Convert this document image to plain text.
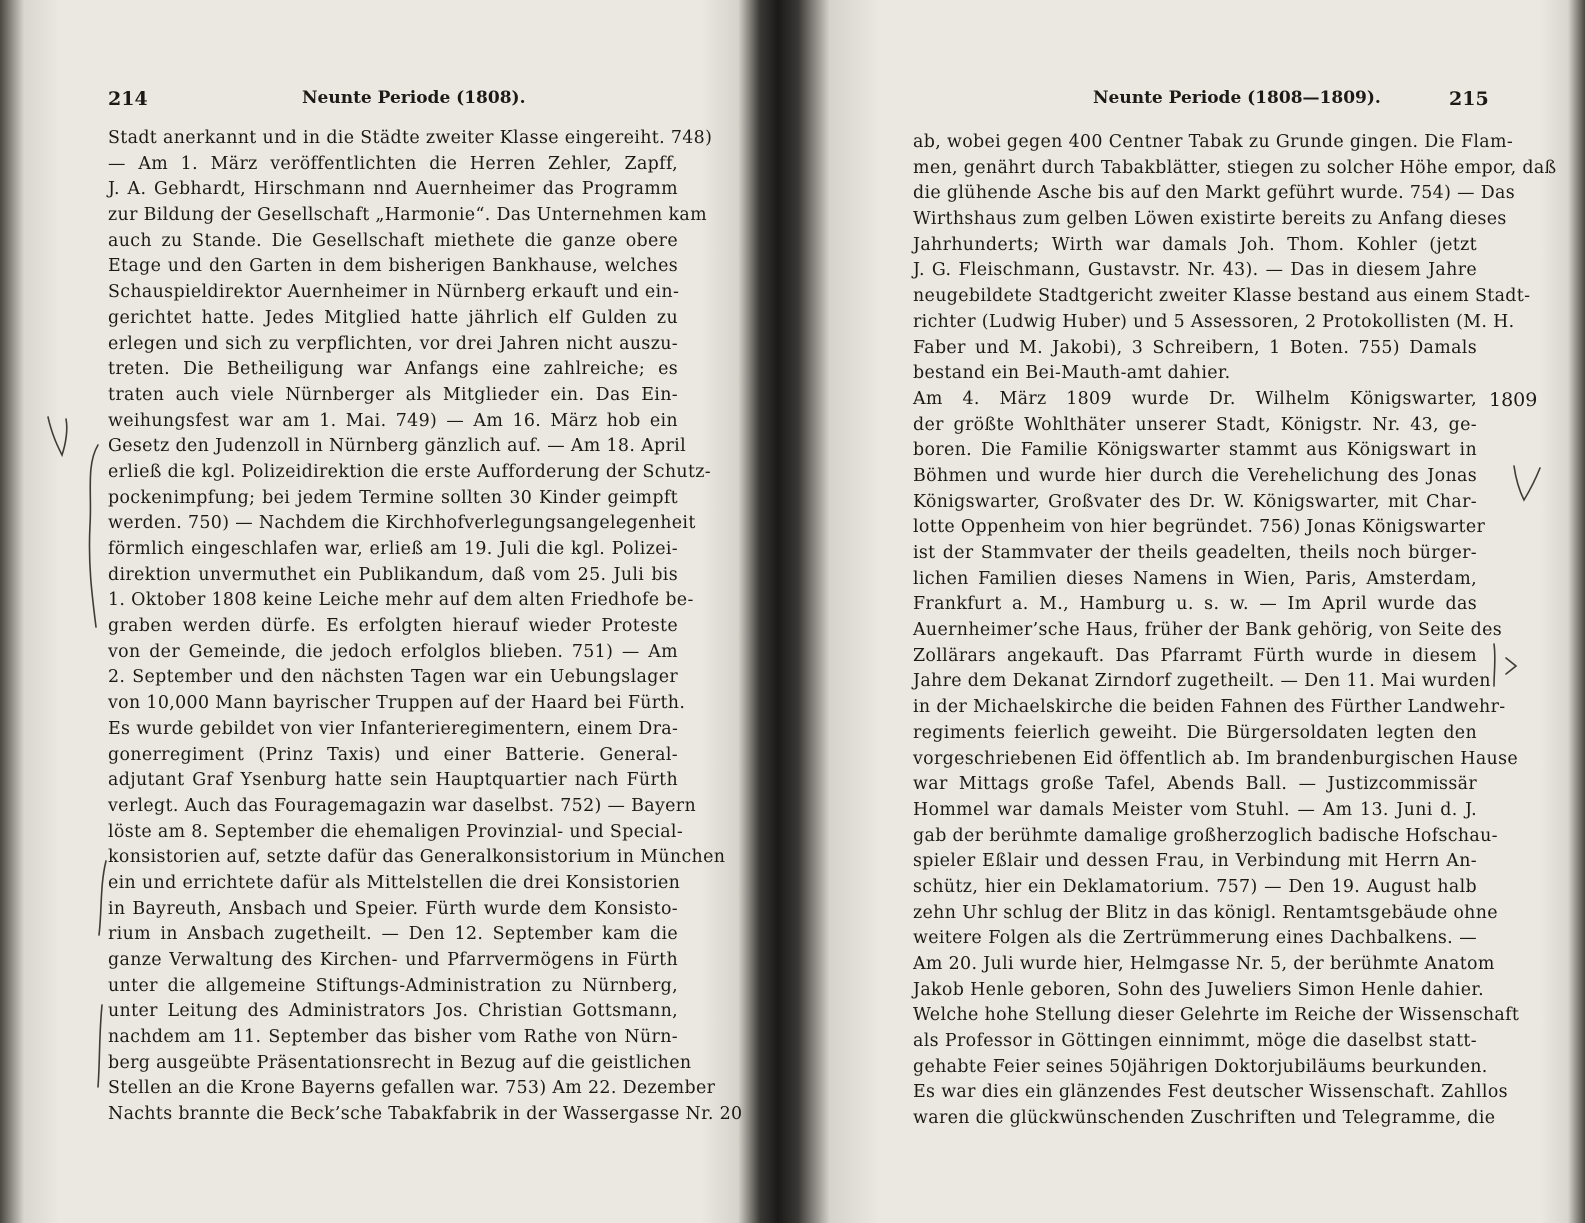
214	Neunte Periode (1808).
Stadt anerkannt und in die Städte zweiter Klasse eingereiht. 748)
— Am 1. März veröffentlichten die Herren Zehler, Zapff,
J. A. Gebhardt, Hirschmann nnd Auernheimer das Programm
zur Bildung der Gesellschaft „Harmonie“. Das Unternehmen kam
auch zu Stande. Die Gesellschaft miethete die ganze obere
Etage und den Garten in dem bisherigen Bankhause, welches
Schauspieldirektor Auernheimer in Nürnberg erkauft und ein-
gerichtet hatte. Jedes Mitglied hatte jährlich elf Gulden zu
erlegen und sich zu verpflichten, vor drei Jahren nicht auszu-
treten. Die Betheiligung war Anfangs eine zahlreiche; es
traten auch viele Nürnberger als Mitglieder ein. Das Ein-
weihungsfest war am 1. Mai. 749) — Am 16. März hob ein
Gesetz den Judenzoll in Nürnberg gänzlich auf. — Am 18. April
erließ die kgl. Polizeidirektion die erste Aufforderung der Schutz-
pockenimpfung; bei jedem Termine sollten 30 Kinder geimpft
werden. 750) — Nachdem die Kirchhofverlegungsangelegenheit
förmlich eingeschlafen war, erließ am 19. Juli die kgl. Polizei-
direktion unvermuthet ein Publikandum, daß vom 25. Juli bis
1. Oktober 1808 keine Leiche mehr auf dem alten Friedhofe be-
graben werden dürfe. Es erfolgten hierauf wieder Proteste
von der Gemeinde, die jedoch erfolglos blieben. 751) — Am
2. September und den nächsten Tagen war ein Uebungslager
von 10,000 Mann bayrischer Truppen auf der Haard bei Fürth.
Es wurde gebildet von vier Infanterieregimentern, einem Dra-
gonerregiment (Prinz Taxis) und einer Batterie. General-
adjutant Graf Ysenburg hatte sein Hauptquartier nach Fürth
verlegt. Auch das Fouragemagazin war daselbst. 752) — Bayern
löste am 8. September die ehemaligen Provinzial- und Special-
konsistorien auf, setzte dafür das Generalkonsistorium in München
ein und errichtete dafür als Mittelstellen die drei Konsistorien
in Bayreuth, Ansbach und Speier. Fürth wurde dem Konsisto-
rium in Ansbach zugetheilt. — Den 12. September kam die
ganze Verwaltung des Kirchen- und Pfarrvermögens in Fürth
unter die allgemeine Stiftungs-Administration zu Nürnberg,
unter Leitung des Administrators Jos. Christian Gottsmann,
nachdem am 11. September das bisher vom Rathe von Nürn-
berg ausgeübte Präsentationsrecht in Bezug auf die geistlichen
Stellen an die Krone Bayerns gefallen war. 753) Am 22. Dezember
Nachts brannte die Beck’sche Tabakfabrik in der Wassergasse Nr. 20
Neunte Periode (1808—1809).	215
ab, wobei gegen 400 Centner Tabak zu Grunde gingen. Die Flam-
men, genährt durch Tabakblätter, stiegen zu solcher Höhe empor, daß
die glühende Asche bis auf den Markt geführt wurde. 754) — Das
Wirthshaus zum gelben Löwen existirte bereits zu Anfang dieses
Jahrhunderts; Wirth war damals Joh. Thom. Kohler (jetzt
J. G. Fleischmann, Gustavstr. Nr. 43). — Das in diesem Jahre
neugebildete Stadtgericht zweiter Klasse bestand aus einem Stadt-
richter (Ludwig Huber) und 5 Assessoren, 2 Protokollisten (M. H.
Faber und M. Jakobi), 3 Schreibern, 1 Boten. 755) Damals
bestand ein Bei-Mauth-amt dahier.
Am 4. März 1809 wurde Dr. Wilhelm Königswarter,
der größte Wohlthäter unserer Stadt, Königstr. Nr. 43, ge-
boren. Die Familie Königswarter stammt aus Königswart in
Böhmen und wurde hier durch die Verehelichung des Jonas
Königswarter, Großvater des Dr. W. Königswarter, mit Char-
lotte Oppenheim von hier begründet. 756) Jonas Königswarter
ist der Stammvater der theils geadelten, theils noch bürger-
lichen Familien dieses Namens in Wien, Paris, Amsterdam,
Frankfurt a. M., Hamburg u. s. w. — Im April wurde das
Auernheimer’sche Haus, früher der Bank gehörig, von Seite des
Zollärars angekauft. Das Pfarramt Fürth wurde in diesem
Jahre dem Dekanat Zirndorf zugetheilt. — Den 11. Mai wurden
in der Michaelskirche die beiden Fahnen des Fürther Landwehr-
regiments feierlich geweiht. Die Bürgersoldaten legten den
vorgeschriebenen Eid öffentlich ab. Im brandenburgischen Hause
war Mittags große Tafel, Abends Ball. — Justizcommissär
Hommel war damals Meister vom Stuhl. — Am 13. Juni d. J.
gab der berühmte damalige großherzoglich badische Hofschau-
spieler Eßlair und dessen Frau, in Verbindung mit Herrn An-
schütz, hier ein Deklamatorium. 757) — Den 19. August halb
zehn Uhr schlug der Blitz in das königl. Rentamtsgebäude ohne
weitere Folgen als die Zertrümmerung eines Dachbalkens. —
Am 20. Juli wurde hier, Helmgasse Nr. 5, der berühmte Anatom
Jakob Henle geboren, Sohn des Juweliers Simon Henle dahier.
Welche hohe Stellung dieser Gelehrte im Reiche der Wissenschaft
als Professor in Göttingen einnimmt, möge die daselbst statt-
gehabte Feier seines 50jährigen Doktorjubiläums beurkunden.
Es war dies ein glänzendes Fest deutscher Wissenschaft. Zahllos
waren die glückwünschenden Zuschriften und Telegramme, die
1809
